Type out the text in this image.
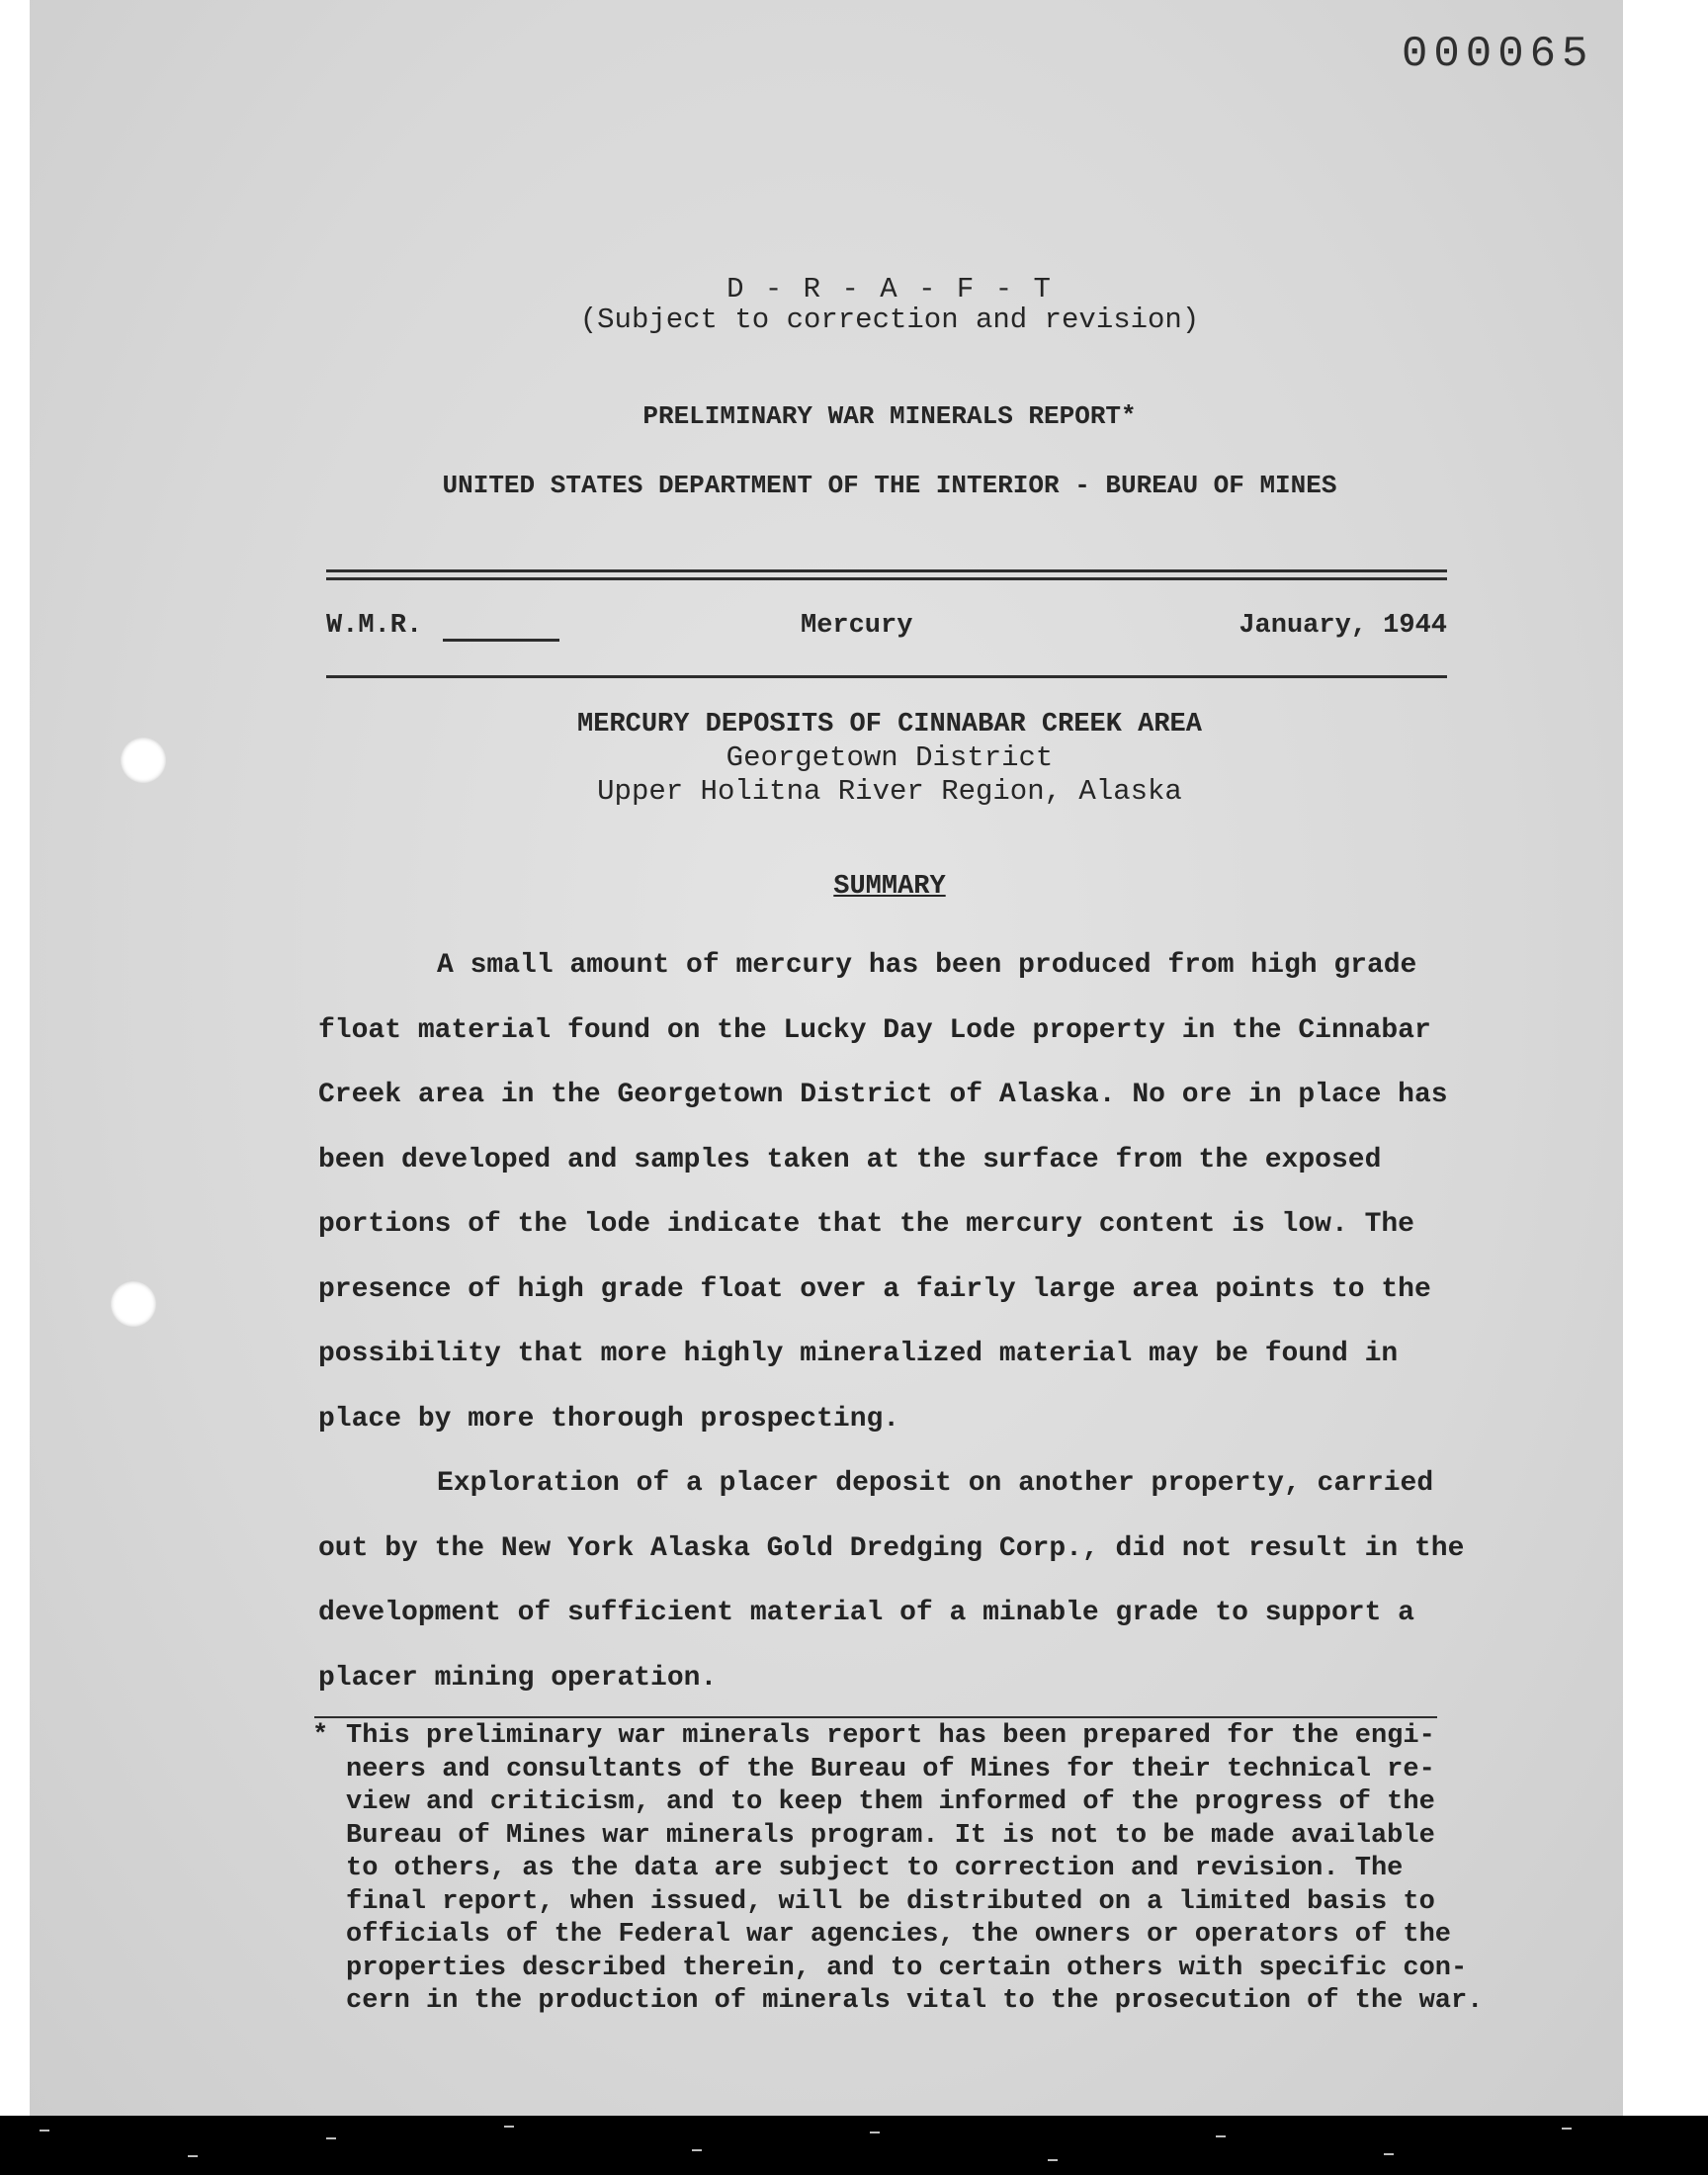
000065
D - R - A - F - T
(Subject to correction and revision)
PRELIMINARY WAR MINERALS REPORT*
UNITED STATES DEPARTMENT OF THE INTERIOR - BUREAU OF MINES
W.M.R.	Mercury	January, 1944
MERCURY DEPOSITS OF CINNABAR CREEK AREA
Georgetown District
Upper Holitna River Region, Alaska
SUMMARY

A small amount of mercury has been produced from high grade float material found on the Lucky Day Lode property in the Cinnabar Creek area in the Georgetown District of Alaska. No ore in place has been developed and samples taken at the surface from the exposed portions of the lode indicate that the mercury content is low. The presence of high grade float over a fairly large area points to the possibility that more highly mineralized material may be found in place by more thorough prospecting.

Exploration of a placer deposit on another property, carried out by the New York Alaska Gold Dredging Corp., did not result in the development of sufficient material of a minable grade to support a placer mining operation.

* This preliminary war minerals report has been prepared for the engi-
neers and consultants of the Bureau of Mines for their technical re-
view and criticism, and to keep them informed of the progress of the
Bureau of Mines war minerals program. It is not to be made available
to others, as the data are subject to correction and revision. The
final report, when issued, will be distributed on a limited basis to
officials of the Federal war agencies, the owners or operators of the
properties described therein, and to certain others with specific con-
cern in the production of minerals vital to the prosecution of the war.
